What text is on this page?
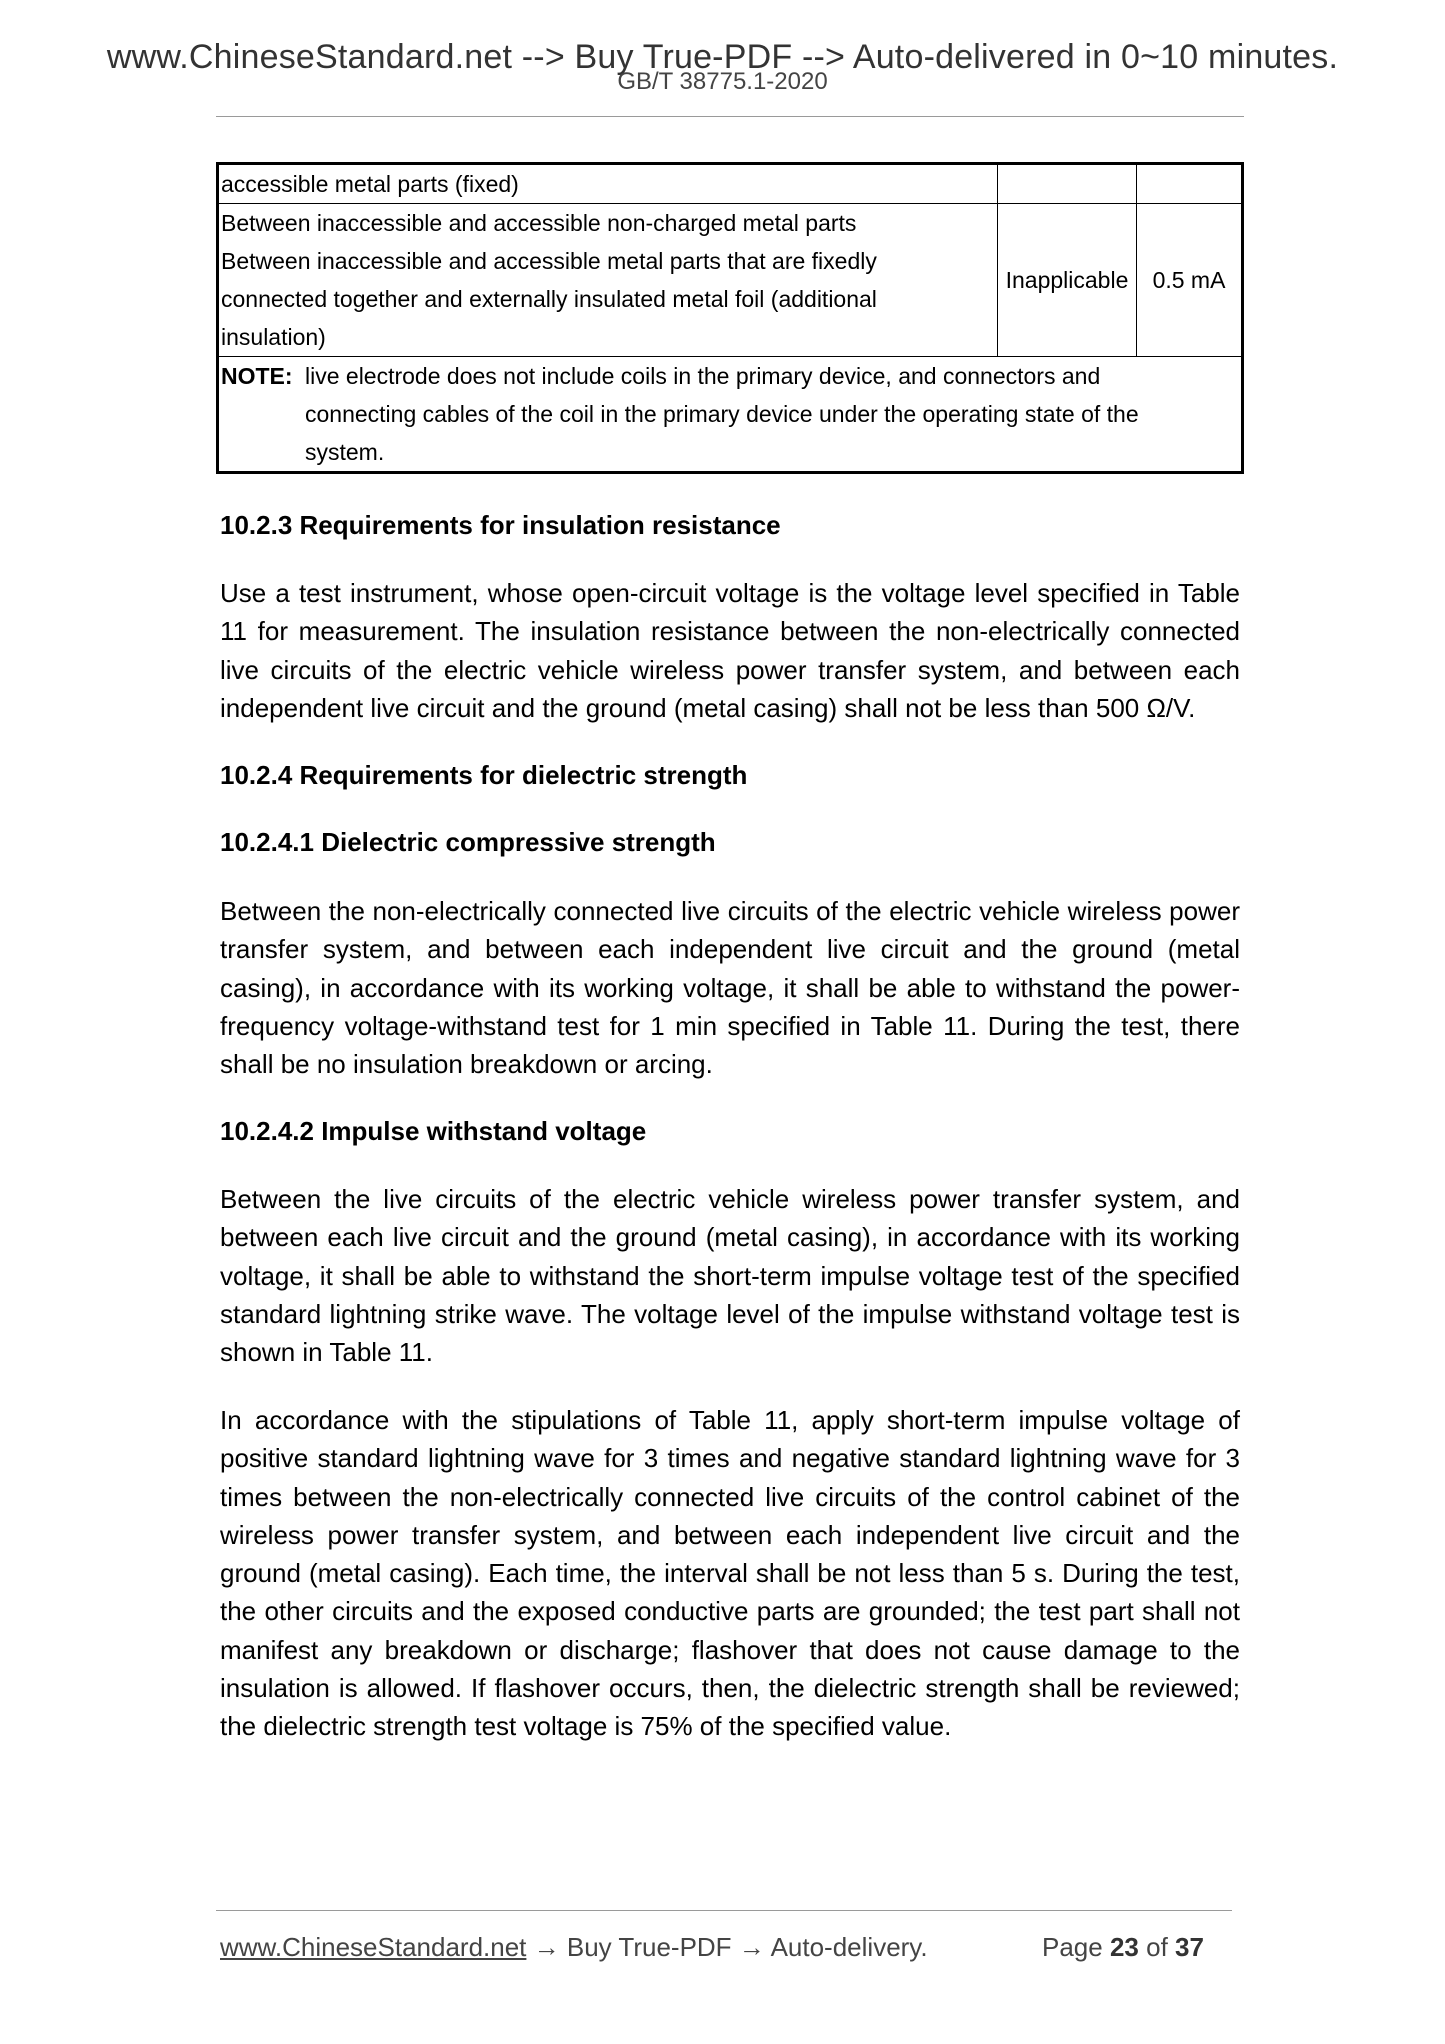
www.ChineseStandard.net --> Buy True-PDF --> Auto-delivered in 0~10 minutes.
GB/T 38775.1-2020
accessible metal parts (fixed)		

Between inaccessible and accessible non-charged metal parts
Between inaccessible and accessible metal parts that are fixedly
connected together and externally insulated metal foil (additional
insulation)	Inapplicable	0.5 mA

NOTE: live electrode does not include coils in the primary device, and connectors and connecting cables of the coil in the primary device under the operating state of the system.		
10.2.3 Requirements for insulation resistance
Use a test instrument, whose open-circuit voltage is the voltage level specified in Table 11 for measurement. The insulation resistance between the non-electrically connected live circuits of the electric vehicle wireless power transfer system, and between each independent live circuit and the ground (metal casing) shall not be less than 500 Ω/V.
10.2.4 Requirements for dielectric strength
10.2.4.1 Dielectric compressive strength
Between the non-electrically connected live circuits of the electric vehicle wireless power transfer system, and between each independent live circuit and the ground (metal casing), in accordance with its working voltage, it shall be able to withstand the power-frequency voltage-withstand test for 1 min specified in Table 11. During the test, there shall be no insulation breakdown or arcing.
10.2.4.2 Impulse withstand voltage
Between the live circuits of the electric vehicle wireless power transfer system, and between each live circuit and the ground (metal casing), in accordance with its working voltage, it shall be able to withstand the short-term impulse voltage test of the specified standard lightning strike wave. The voltage level of the impulse withstand voltage test is shown in Table 11.
In accordance with the stipulations of Table 11, apply short-term impulse voltage of positive standard lightning wave for 3 times and negative standard lightning wave for 3 times between the non-electrically connected live circuits of the control cabinet of the wireless power transfer system, and between each independent live circuit and the ground (metal casing). Each time, the interval shall be not less than 5 s. During the test, the other circuits and the exposed conductive parts are grounded; the test part shall not manifest any breakdown or discharge; flashover that does not cause damage to the insulation is allowed. If flashover occurs, then, the dielectric strength shall be reviewed; the dielectric strength test voltage is 75% of the specified value.
www.ChineseStandard.net → Buy True-PDF → Auto-delivery.	Page 23 of 37
